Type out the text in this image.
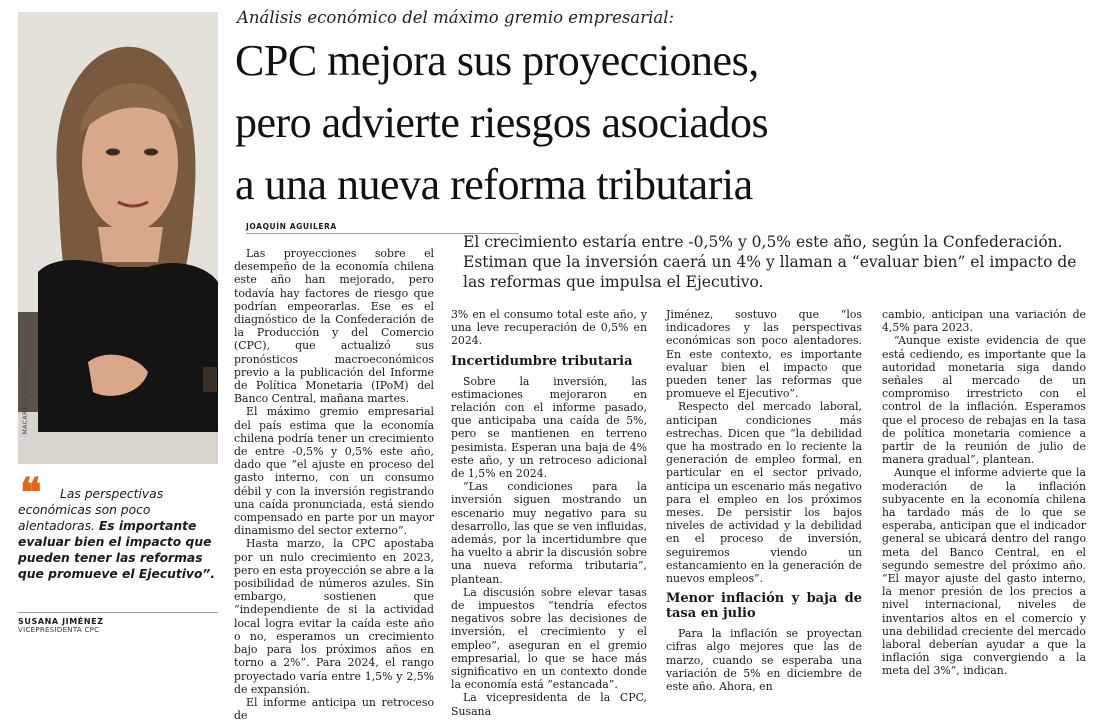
MACARENA PÉREZ
❝	Las perspectivas económicas son poco alentadoras. Es importante evaluar bien el impacto que pueden tener las reformas que promueve el Ejecutivo”.

SUSANA JIMÉNEZ
VICEPRESIDENTA CPC
Análisis económico del máximo gremio empresarial:
CPC mejora sus proyecciones,
pero advierte riesgos asociados
a una nueva reforma tributaria
JOAQUÍN AGUILERA

El crecimiento estaría entre -0,5% y 0,5% este año, según la Confederación. Estiman que la inversión caerá un 4% y llaman a “evaluar bien” el impacto de las reformas que impulsa el Ejecutivo.

Las proyecciones sobre el desempeño de la economía chilena este año han mejorado, pero todavía hay factores de riesgo que podrían empeorarlas. Ese es el diagnóstico de la Confederación de la Producción y del Comercio (CPC), que actualizó sus pronósticos macroeconómicos previo a la publicación del Informe de Política Monetaria (IPoM) del Banco Central, mañana martes.

El máximo gremio empresarial del país estima que la economía chilena podría tener un crecimiento de entre -0,5% y 0,5% este año, dado que “el ajuste en proceso del gasto interno, con un consumo débil y con la inversión registrando una caída pronunciada, está siendo compensado en parte por un mayor dinamismo del sector externo”.

Hasta marzo, la CPC apostaba por un nulo crecimiento en 2023, pero en esta proyección se abre a la posibilidad de números azules. Sin embargo, sostienen que “independiente de si la actividad local logra evitar la caída este año o no, esperamos un crecimiento bajo para los próximos años en torno a 2%”. Para 2024, el rango proyectado varía entre 1,5% y 2,5% de expansión.

El informe anticipa un retroceso de

3% en el consumo total este año, y una leve recuperación de 0,5% en 2024.

Incertidumbre tributaria

Sobre la inversión, las estimaciones mejoraron en relación con el informe pasado, que anticipaba una caída de 5%, pero se mantienen en terreno pesimista. Esperan una baja de 4% este año, y un retroceso adicional de 1,5% en 2024.

“Las condiciones para la inversión siguen mostrando un escenario muy negativo para su desarrollo, las que se ven influidas, además, por la incertidumbre que ha vuelto a abrir la discusión sobre una nueva reforma tributaria”, plantean.

La discusión sobre elevar tasas de impuestos “tendría efectos negativos sobre las decisiones de inversión, el crecimiento y el empleo”, aseguran en el gremio empresarial, lo que se hace más significativo en un contexto donde la economía está “estancada”.

La vicepresidenta de la CPC, Susana

Jiménez, sostuvo que “los indicadores y las perspectivas económicas son poco alentadores. En este contexto, es importante evaluar bien el impacto que pueden tener las reformas que promueve el Ejecutivo”.

Respecto del mercado laboral, anticipan condiciones más estrechas. Dicen que “la debilidad que ha mostrado en lo reciente la generación de empleo formal, en particular en el sector privado, anticipa un escenario más negativo para el empleo en los próximos meses. De persistir los bajos niveles de actividad y la debilidad en el proceso de inversión, seguiremos viendo un estancamiento en la generación de nuevos empleos”.

Menor inflación y baja de tasa en julio

Para la inflación se proyectan cifras algo mejores que las de marzo, cuando se esperaba una variación de 5% en diciembre de este año. Ahora, en

cambio, anticipan una variación de 4,5% para 2023.

“Aunque existe evidencia de que está cediendo, es importante que la autoridad monetaria siga dando señales al mercado de un compromiso irrestricto con el control de la inflación. Esperamos que el proceso de rebajas en la tasa de política monetaria comience a partir de la reunión de julio de manera gradual”, plantean.

Aunque el informe advierte que la moderación de la inflación subyacente en la economía chilena ha tardado más de lo que se esperaba, anticipan que el indicador general se ubicará dentro del rango meta del Banco Central, en el segundo semestre del próximo año. “El mayor ajuste del gasto interno, la menor presión de los precios a nivel internacional, niveles de inventarios altos en el comercio y una debilidad creciente del mercado laboral deberían ayudar a que la inflación siga convergiendo a la meta del 3%”, indican.
